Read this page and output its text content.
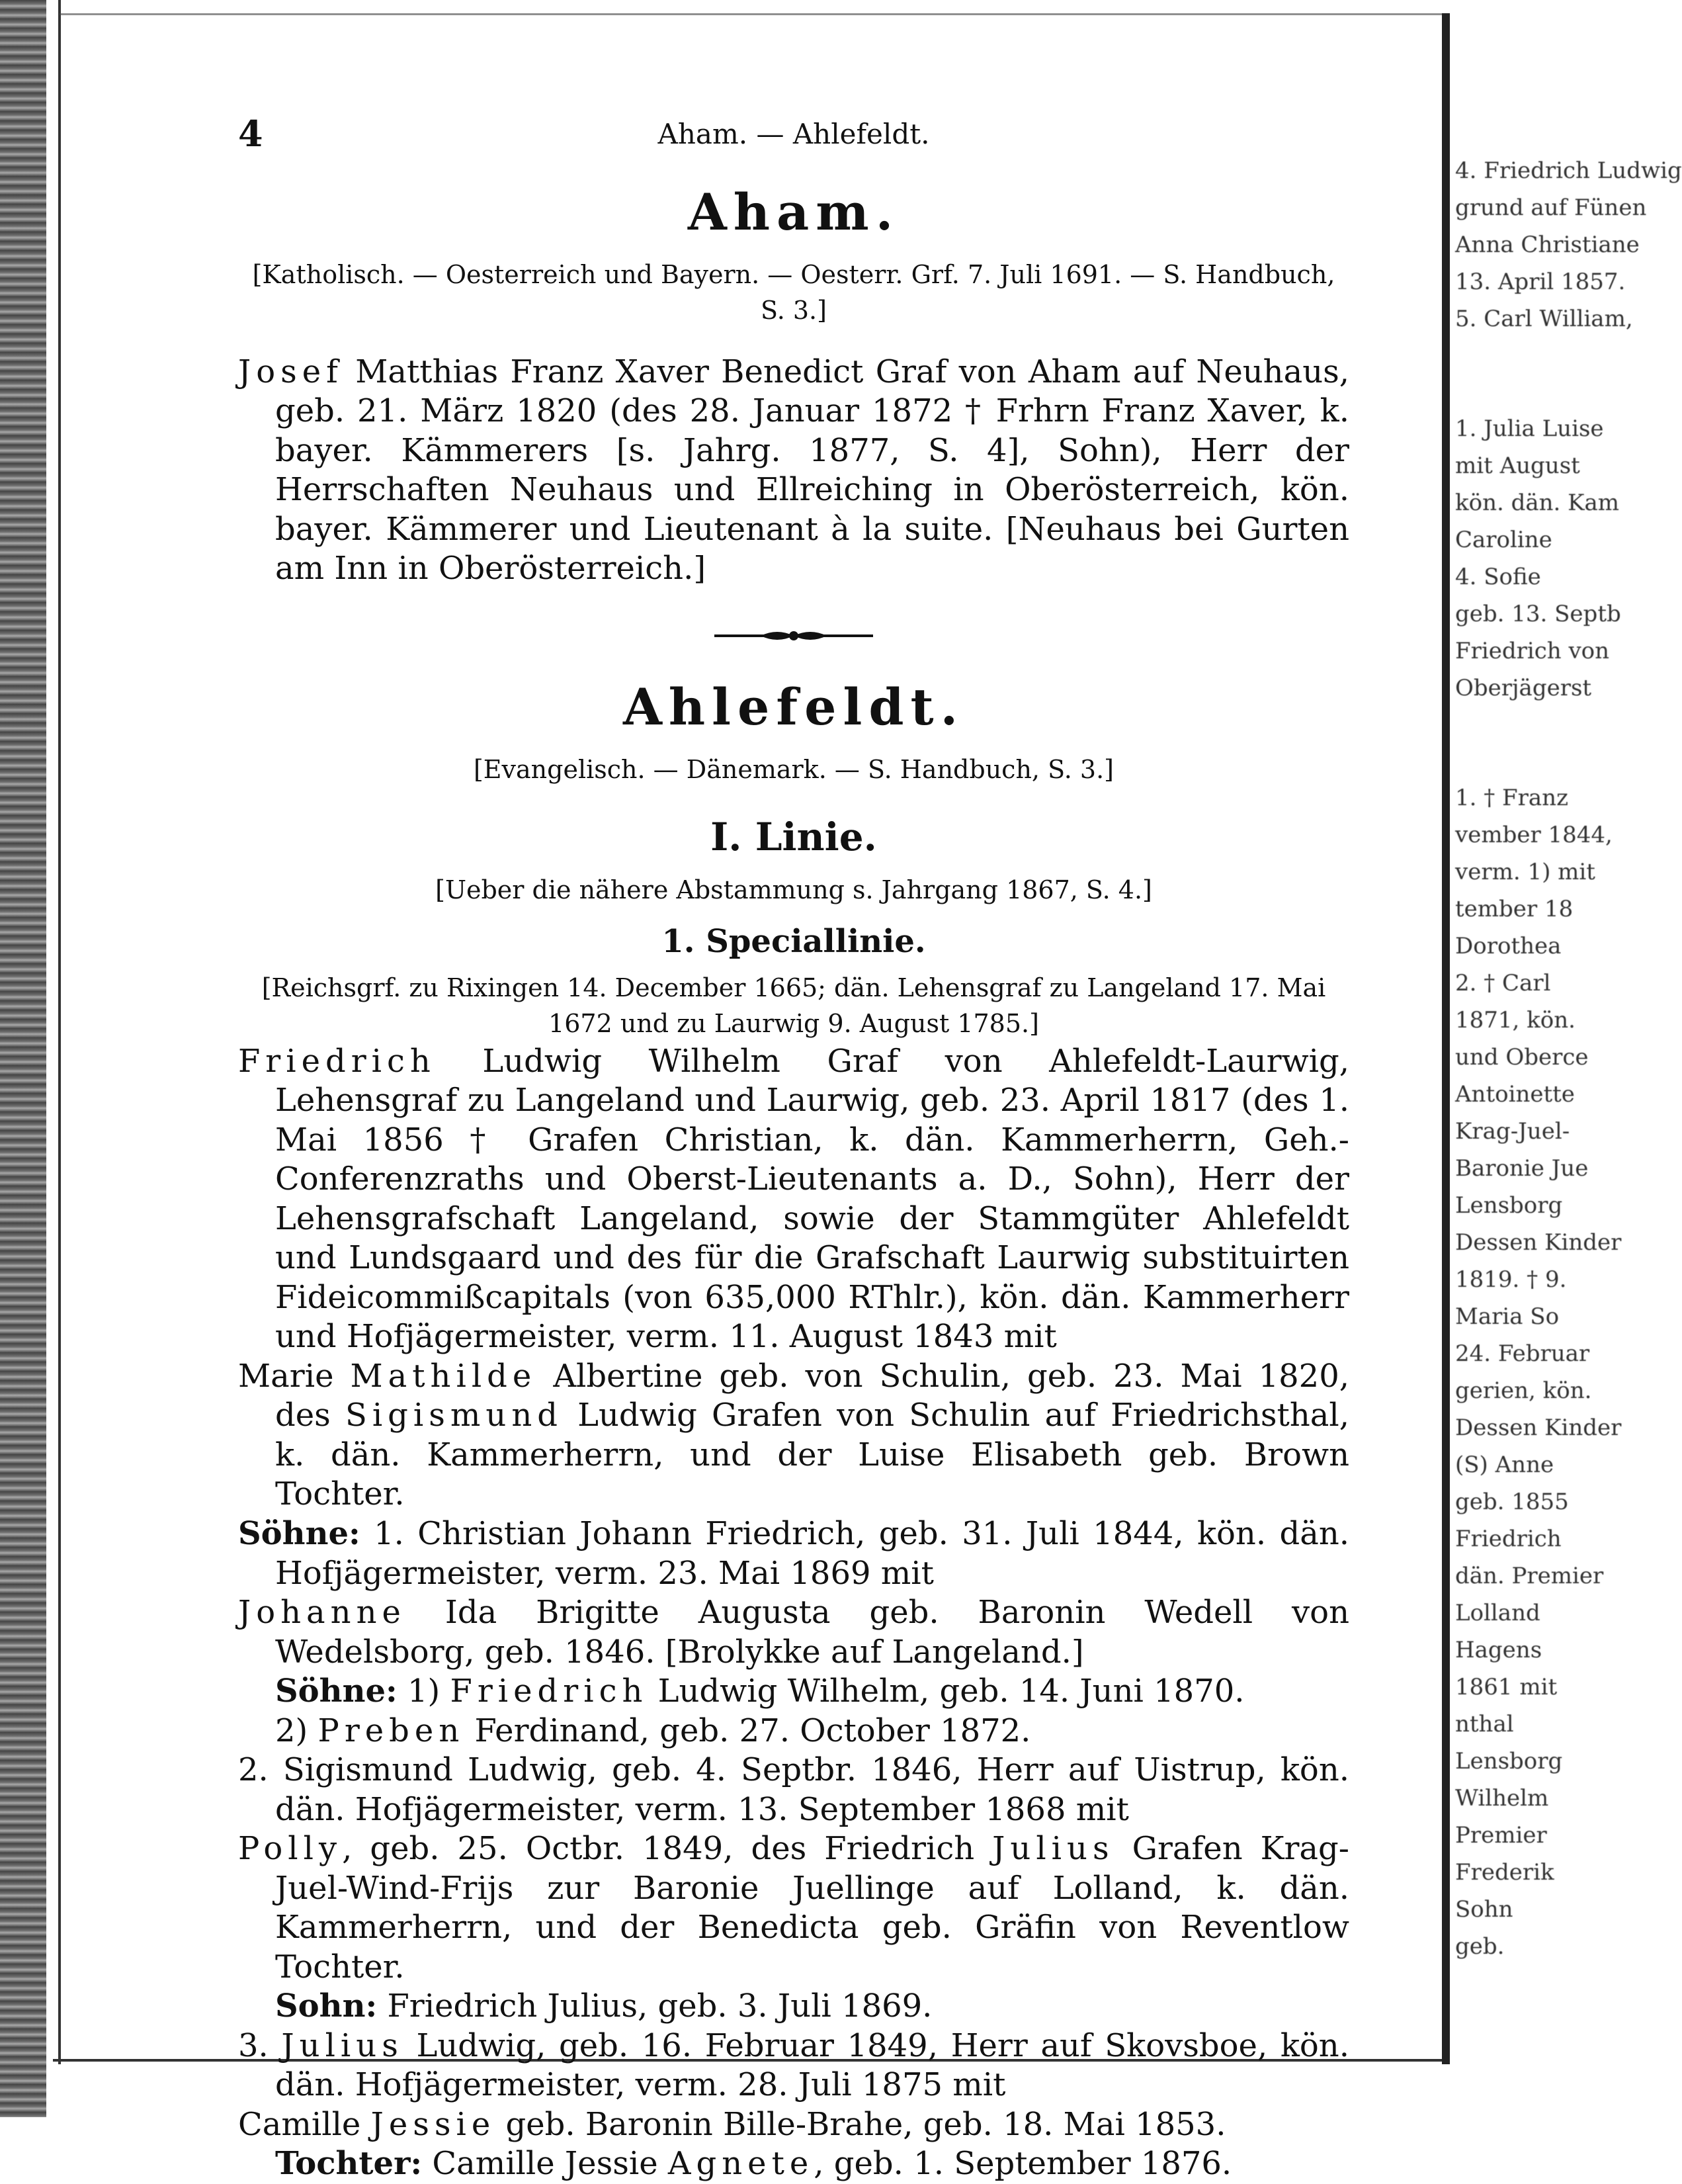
4. Friedrich Ludwig
grund auf Fünen
Anna Christiane
13. April 1857.
5. Carl William,
1. Julia Luise
mit August
kön. dän. Kam
Caroline
4. Sofie
geb. 13. Septb
Friedrich von
Oberjägerst
1. † Franz
vember 1844,
verm. 1) mit
tember 18
Dorothea
2. † Carl
1871, kön.
und Oberce
Antoinette
Krag-Juel-
Baronie Jue
Lensborg
Dessen Kinder
1819. † 9.
Maria So
24. Februar
gerien, kön.
Dessen Kinder
(S) Anne
geb. 1855
Friedrich
dän. Premier
Lolland
Hagens
1861 mit
nthal
Lensborg
Wilhelm
Premier
Frederik
Sohn
geb.
4	Aham. — Ahlefeldt.
Aham.
[Katholisch. — Oesterreich und Bayern. — Oesterr. Grf. 7. Juli 1691. — S. Handbuch, S. 3.]

Josef Matthias Franz Xaver Benedict Graf von Aham auf Neuhaus, geb. 21. März 1820 (des 28. Januar 1872 † Frhrn Franz Xaver, k. bayer. Kämmerers [s. Jahrg. 1877, S. 4], Sohn), Herr der Herrschaften Neuhaus und Ellreiching in Oberösterreich, kön. bayer. Kämmerer und Lieutenant à la suite. [Neuhaus bei Gurten am Inn in Oberösterreich.]

Ahlefeldt.
[Evangelisch. — Dänemark. — S. Handbuch, S. 3.]
I. Linie.
[Ueber die nähere Abstammung s. Jahrgang 1867, S. 4.]
1. Speciallinie.
[Reichsgrf. zu Rixingen 14. December 1665; dän. Lehensgraf zu Langeland 17. Mai 1672 und zu Laurwig 9. August 1785.]

Friedrich Ludwig Wilhelm Graf von Ahlefeldt-Laurwig, Lehensgraf zu Langeland und Laurwig, geb. 23. April 1817 (des 1. Mai 1856 † Grafen Christian, k. dän. Kammerherrn, Geh.-Conferenzraths und Oberst-Lieutenants a. D., Sohn), Herr der Lehensgrafschaft Langeland, sowie der Stammgüter Ahlefeldt und Lundsgaard und des für die Grafschaft Laurwig substituirten Fideicommißcapitals (von 635,000 RThlr.), kön. dän. Kammerherr und Hofjägermeister, verm. 11. August 1843 mit

Marie Mathilde Albertine geb. von Schulin, geb. 23. Mai 1820, des Sigismund Ludwig Grafen von Schulin auf Friedrichsthal, k. dän. Kammerherrn, und der Luise Elisabeth geb. Brown Tochter.

Söhne: 1. Christian Johann Friedrich, geb. 31. Juli 1844, kön. dän. Hofjägermeister, verm. 23. Mai 1869 mit

Johanne Ida Brigitte Augusta geb. Baronin Wedell von Wedelsborg, geb. 1846. [Brolykke auf Langeland.]

Söhne: 1) Friedrich Ludwig Wilhelm, geb. 14. Juni 1870.

2) Preben Ferdinand, geb. 27. October 1872.

2. Sigismund Ludwig, geb. 4. Septbr. 1846, Herr auf Uistrup, kön. dän. Hofjägermeister, verm. 13. September 1868 mit

Polly, geb. 25. Octbr. 1849, des Friedrich Julius Grafen Krag-Juel-Wind-Frijs zur Baronie Juellinge auf Lolland, k. dän. Kammerherrn, und der Benedicta geb. Gräfin von Reventlow Tochter.

Sohn: Friedrich Julius, geb. 3. Juli 1869.

3. Julius Ludwig, geb. 16. Februar 1849, Herr auf Skovsboe, kön. dän. Hofjägermeister, verm. 28. Juli 1875 mit

Camille Jessie geb. Baronin Bille-Brahe, geb. 18. Mai 1853.

Tochter: Camille Jessie Agnete, geb. 1. September 1876.
